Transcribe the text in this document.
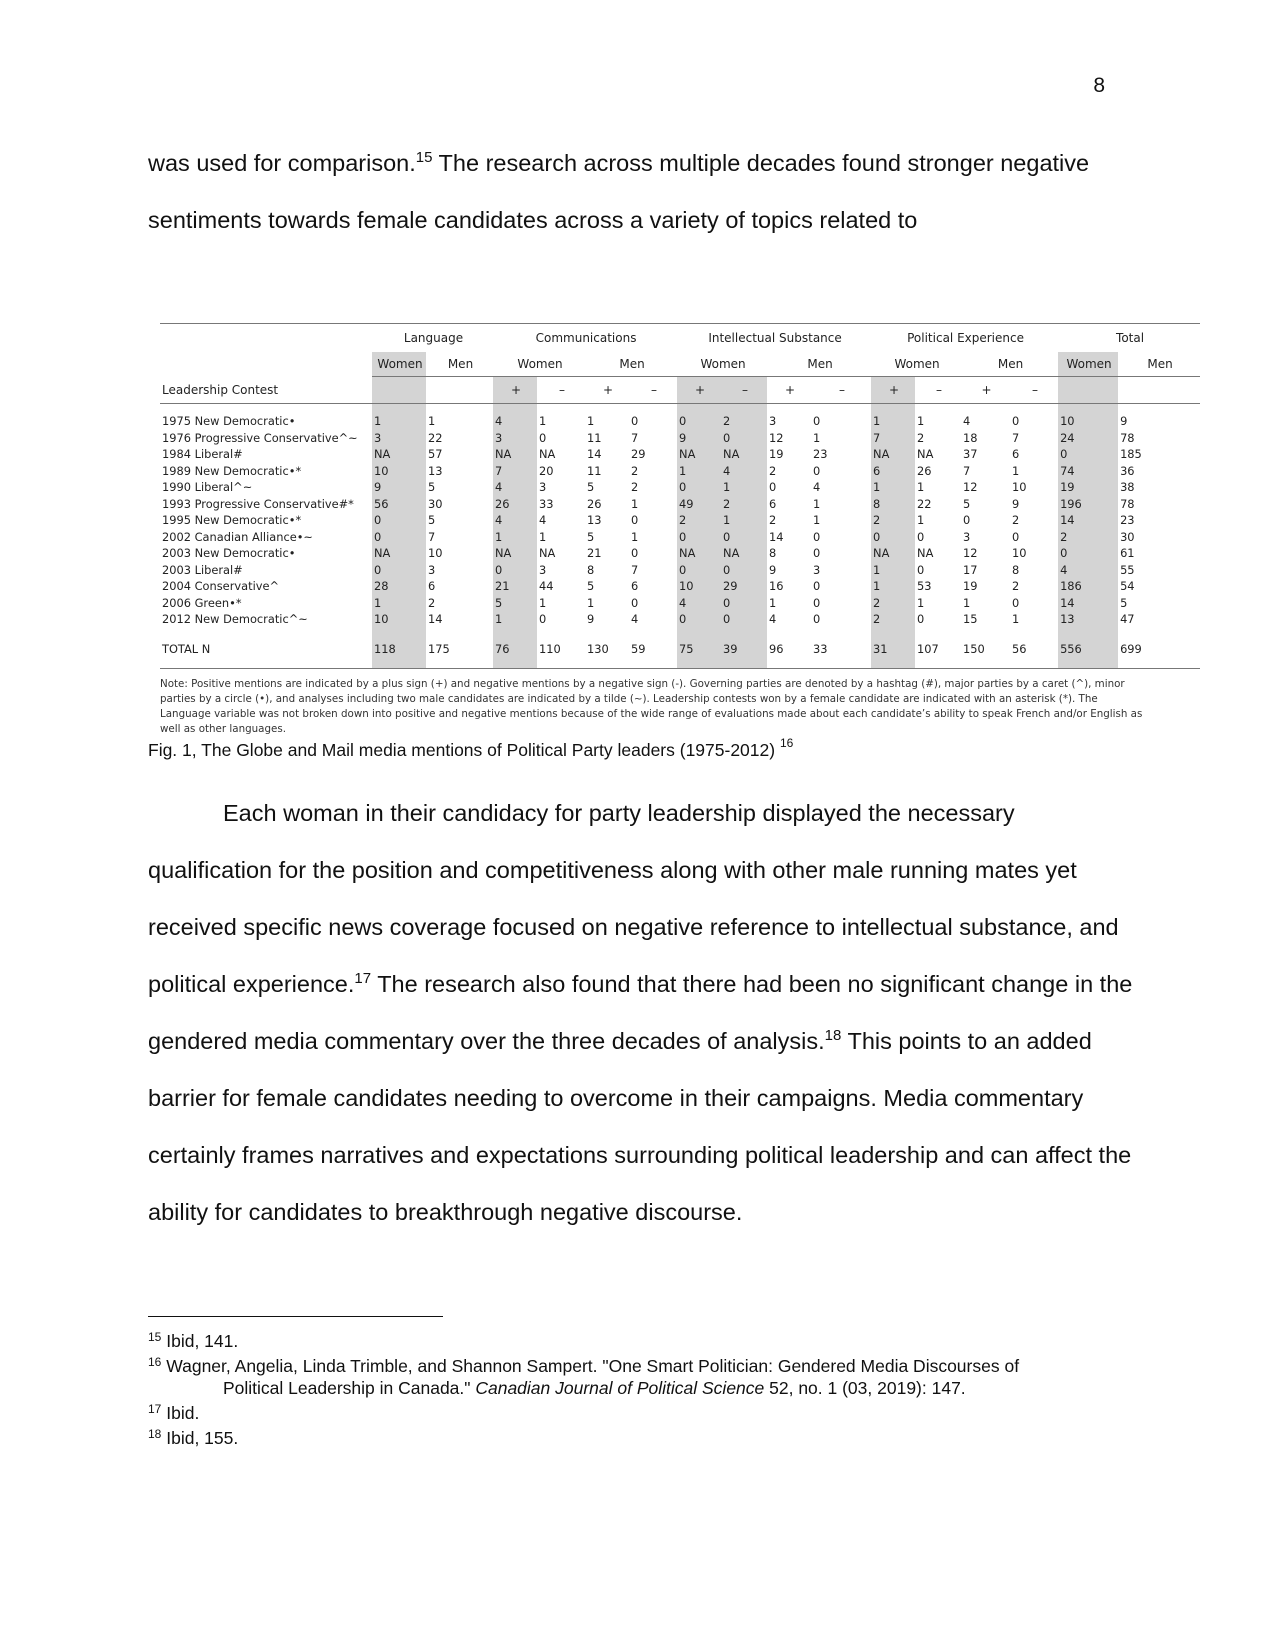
8

was used for comparison.$^{15}$ The research across multiple decades found stronger negative sentiments towards female candidates across a variety of topics related to

	Language		Communications				Intellectual Substance				Political Experience				Total	
	Women	Men	Women		Men		Women		Men		Women		Men		Women	Men
Leadership Contest			+	–	+	–	+	–	+	–	+	–	+	–		

1975 New Democratic•	1	1	4	1	1	0	0	2	3	0	1	1	4	0	10	9
1976 Progressive Conservative^~	3	22	3	0	11	7	9	0	12	1	7	2	18	7	24	78
1984 Liberal#	NA	57	NA	NA	14	29	NA	NA	19	23	NA	NA	37	6	0	185
1989 New Democratic•*	10	13	7	20	11	2	1	4	2	0	6	26	7	1	74	36
1990 Liberal^~	9	5	4	3	5	2	0	1	0	4	1	1	12	10	19	38
1993 Progressive Conservative#*	56	30	26	33	26	1	49	2	6	1	8	22	5	9	196	78
1995 New Democratic•*	0	5	4	4	13	0	2	1	2	1	2	1	0	2	14	23
2002 Canadian Alliance•~	0	7	1	1	5	1	0	0	14	0	0	0	3	0	2	30
2003 New Democratic•	NA	10	NA	NA	21	0	NA	NA	8	0	NA	NA	12	10	0	61
2003 Liberal#	0	3	0	3	8	7	0	0	9	3	1	0	17	8	4	55
2004 Conservative^	28	6	21	44	5	6	10	29	16	0	1	53	19	2	186	54
2006 Green•*	1	2	5	1	1	0	4	0	1	0	2	1	1	0	14	5
2012 New Democratic^~	10	14	1	0	9	4	0	0	4	0	2	0	15	1	13	47

TOTAL N	118	175	76	110	130	59	75	39	96	33	31	107	150	56	556	699

Note: Positive mentions are indicated by a plus sign (+) and negative mentions by a negative sign (-). Governing parties are denoted by a hashtag (#), major parties by a caret (^), minor parties by a circle (•), and analyses including two male candidates are indicated by a tilde (~). Leadership contests won by a female candidate are indicated with an asterisk (*). The Language variable was not broken down into positive and negative mentions because of the wide range of evaluations made about each candidate’s ability to speak French and/or English as well as other languages.

Fig. 1, The Globe and Mail media mentions of Political Party leaders (1975-2012) $^{16}$

Each woman in their candidacy for party leadership displayed the necessary qualification for the position and competitiveness along with other male running mates yet received specific news coverage focused on negative reference to intellectual substance, and political experience.$^{17}$ The research also found that there had been no significant change in the gendered media commentary over the three decades of analysis.$^{18}$ This points to an added barrier for female candidates needing to overcome in their campaigns. Media commentary certainly frames narratives and expectations surrounding political leadership and can affect the ability for candidates to breakthrough negative discourse.

$^{15}$ Ibid, 141.

$^{16}$ Wagner, Angelia, Linda Trimble, and Shannon Sampert. "One Smart Politician: Gendered Media Discourses of Political Leadership in Canada." Canadian Journal of Political Science 52, no. 1 (03, 2019): 147.

$^{17}$ Ibid.

$^{18}$ Ibid, 155.
